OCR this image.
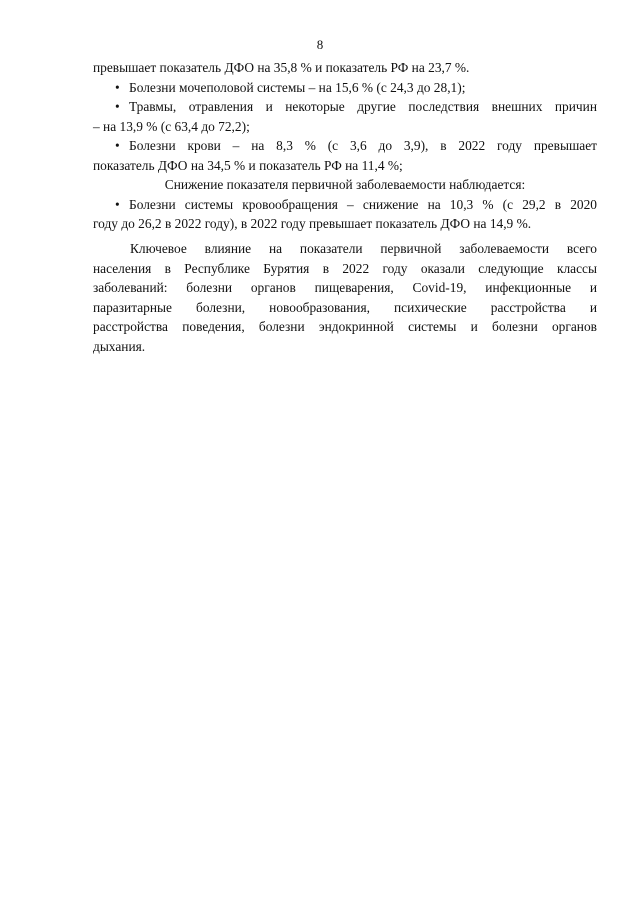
8
превышает показатель ДФО на 35,8 % и показатель РФ на 23,7 %.
• Болезни мочеполовой системы – на 15,6 % (с 24,3 до 28,1);
• Травмы, отравления и некоторые другие последствия внешних причин
– на 13,9 % (с 63,4 до 72,2);
• Болезни крови – на 8,3 % (с 3,6 до 3,9), в 2022 году превышает
показатель ДФО на 34,5 % и показатель РФ на 11,4 %;
Снижение показателя первичной заболеваемости наблюдается:
• Болезни системы кровообращения – снижение на 10,3 % (с 29,2 в 2020
году до 26,2 в 2022 году), в 2022 году превышает показатель ДФО на 14,9 %.
Ключевое влияние на показатели первичной заболеваемости всего
населения в Республике Бурятия в 2022 году оказали следующие классы
заболеваний: болезни органов пищеварения, Covid-19, инфекционные и
паразитарные болезни, новообразования, психические расстройства и
расстройства поведения, болезни эндокринной системы и болезни органов
дыхания.
